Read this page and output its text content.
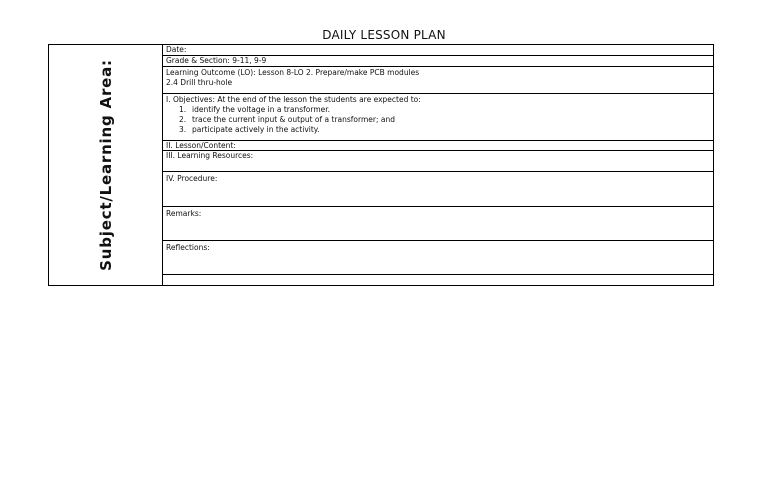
DAILY LESSON PLAN
Subject/Learning Area:
Date:
Grade & Section: 9-11, 9-9
Learning Outcome (LO): Lesson 8-LO 2. Prepare/make PCB modules
2.4 Drill thru-hole
I. Objectives: At the end of the lesson the students are expected to:
1. identify the voltage in a transformer.
2. trace the current input & output of a transformer; and
3. participate actively in the activity.
II. Lesson/Content:
III. Learning Resources:
IV. Procedure:
Remarks:
Reflections:
